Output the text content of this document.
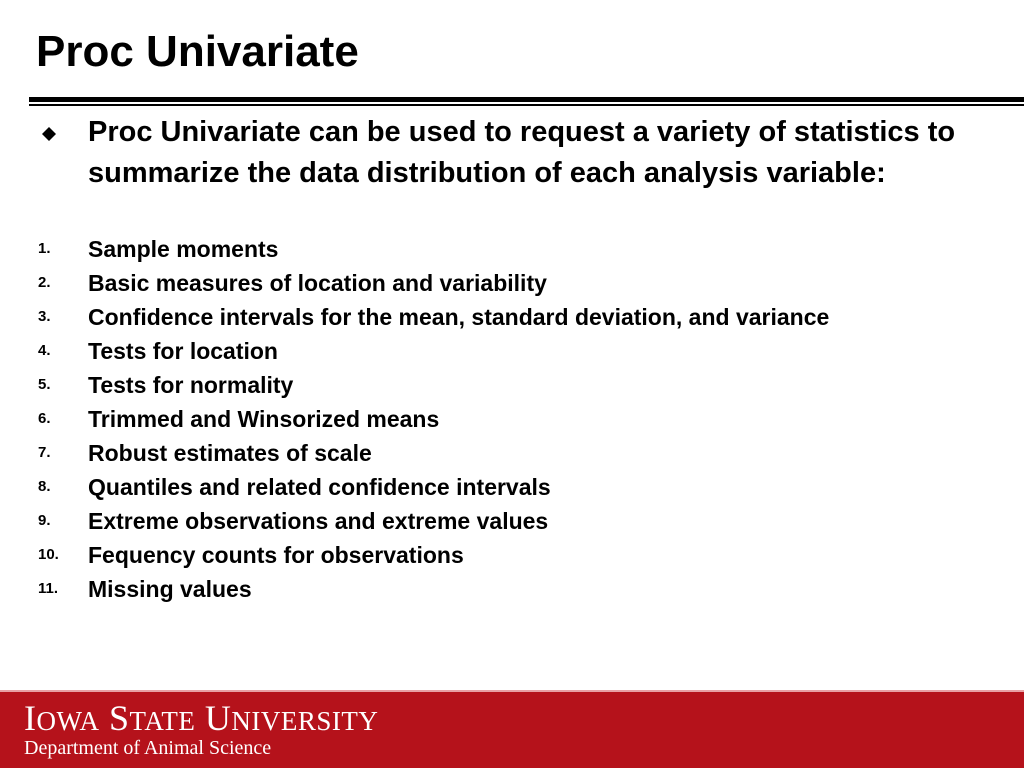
Proc Univariate

Proc Univariate can be used to request a variety of statistics to summarize the data distribution of each analysis variable:

1. Sample moments
2. Basic measures of location and variability
3. Confidence intervals for the mean, standard deviation, and variance
4. Tests for location
5. Tests for normality
6. Trimmed and Winsorized means
7. Robust estimates of scale
8. Quantiles and related confidence intervals
9. Extreme observations and extreme values
10. Fequency counts for observations
11. Missing values
IOWA STATE UNIVERSITY
Department of Animal Science
